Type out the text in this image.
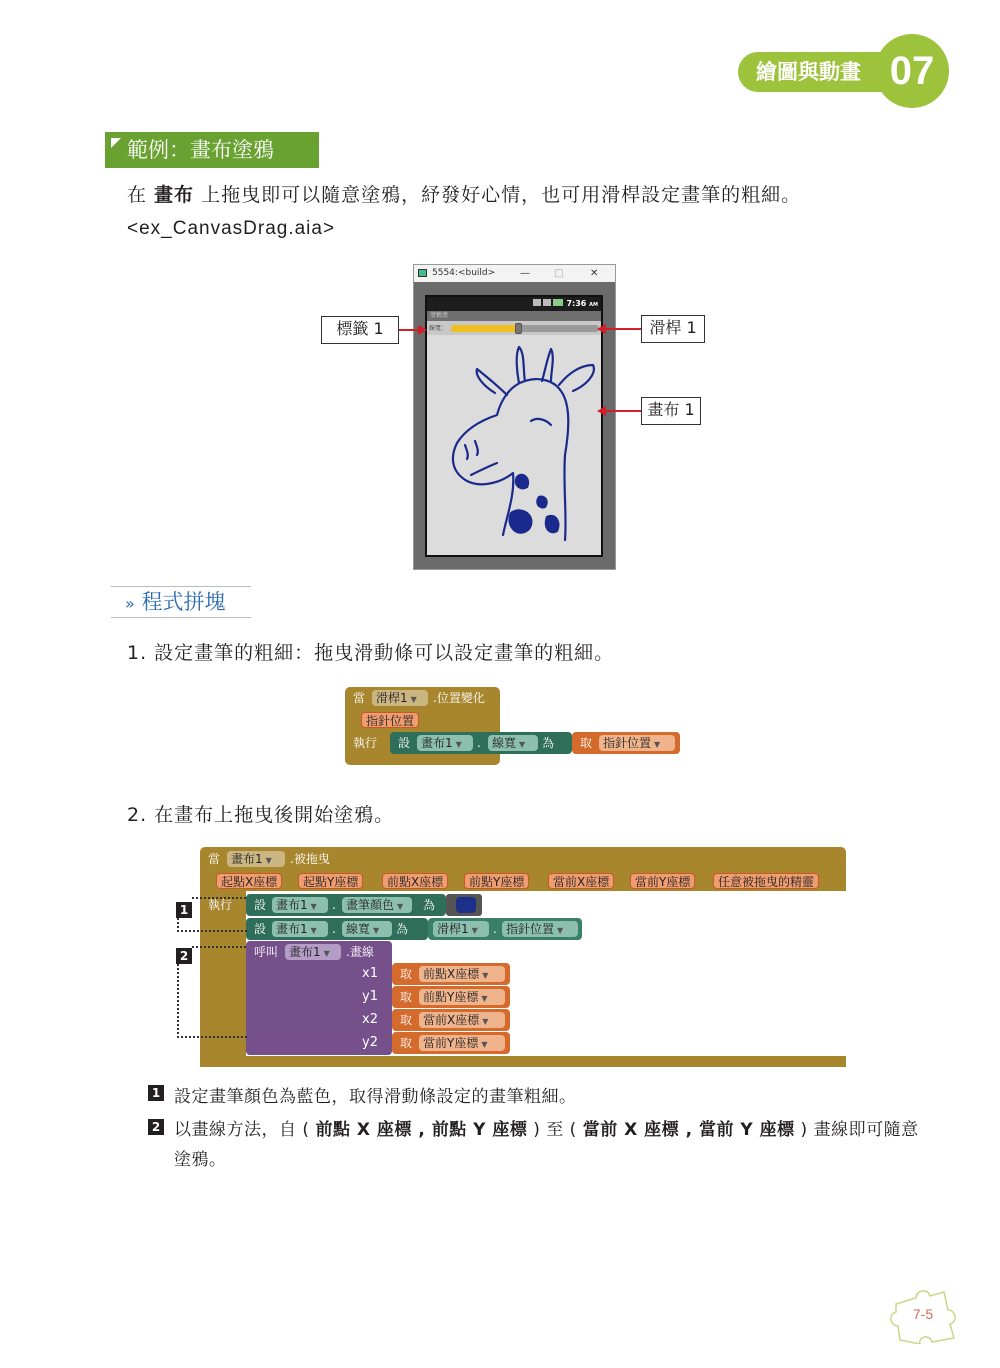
繪圖與動畫 07
範例：畫布塗鴉
在 畫布 上拖曳即可以隨意塗鴉，紓發好心情，也可用滑桿設定畫筆的粗細。
<ex_CanvasDrag.aia>
5554:<build> — □	✕
7:36 AM
塗鴉塗
線寬：
標籤 1	滑桿 1
畫布 1
» 程式拼塊
1. 設定畫筆的粗細：拖曳滑動條可以設定畫筆的粗細。
當 滑桿1 ▼	.位置變化
指針位置
執行 設 畫布1 ▼	. 線寬 ▼	為 取 指針位置 ▼
2. 在畫布上拖曳後開始塗鴉。
當 畫布1 ▼	.被拖曳
起點X座標	起點Y座標	前點X座標	前點Y座標	當前X座標	當前Y座標	任意被拖曳的精靈
執行 設 畫布1 ▼	. 畫筆顏色 ▼	為
設 畫布1 ▼	. 線寬 ▼	為	滑桿1 ▼	. 指針位置 ▼
呼叫 畫布1 ▼	.畫線
x1 取 前點X座標 ▼
y1 取 前點Y座標 ▼
x2 取 當前X座標 ▼
y2 取 當前Y座標 ▼
1
2
1 設定畫筆顏色為藍色，取得滑動條設定的畫筆粗細。
2 以畫線方法，自 ( 前點 X 座標 , 前點 Y 座標 ) 至 ( 當前 X 座標 , 當前 Y 座標 ) 畫線即可隨意
塗鴉。
7-5
